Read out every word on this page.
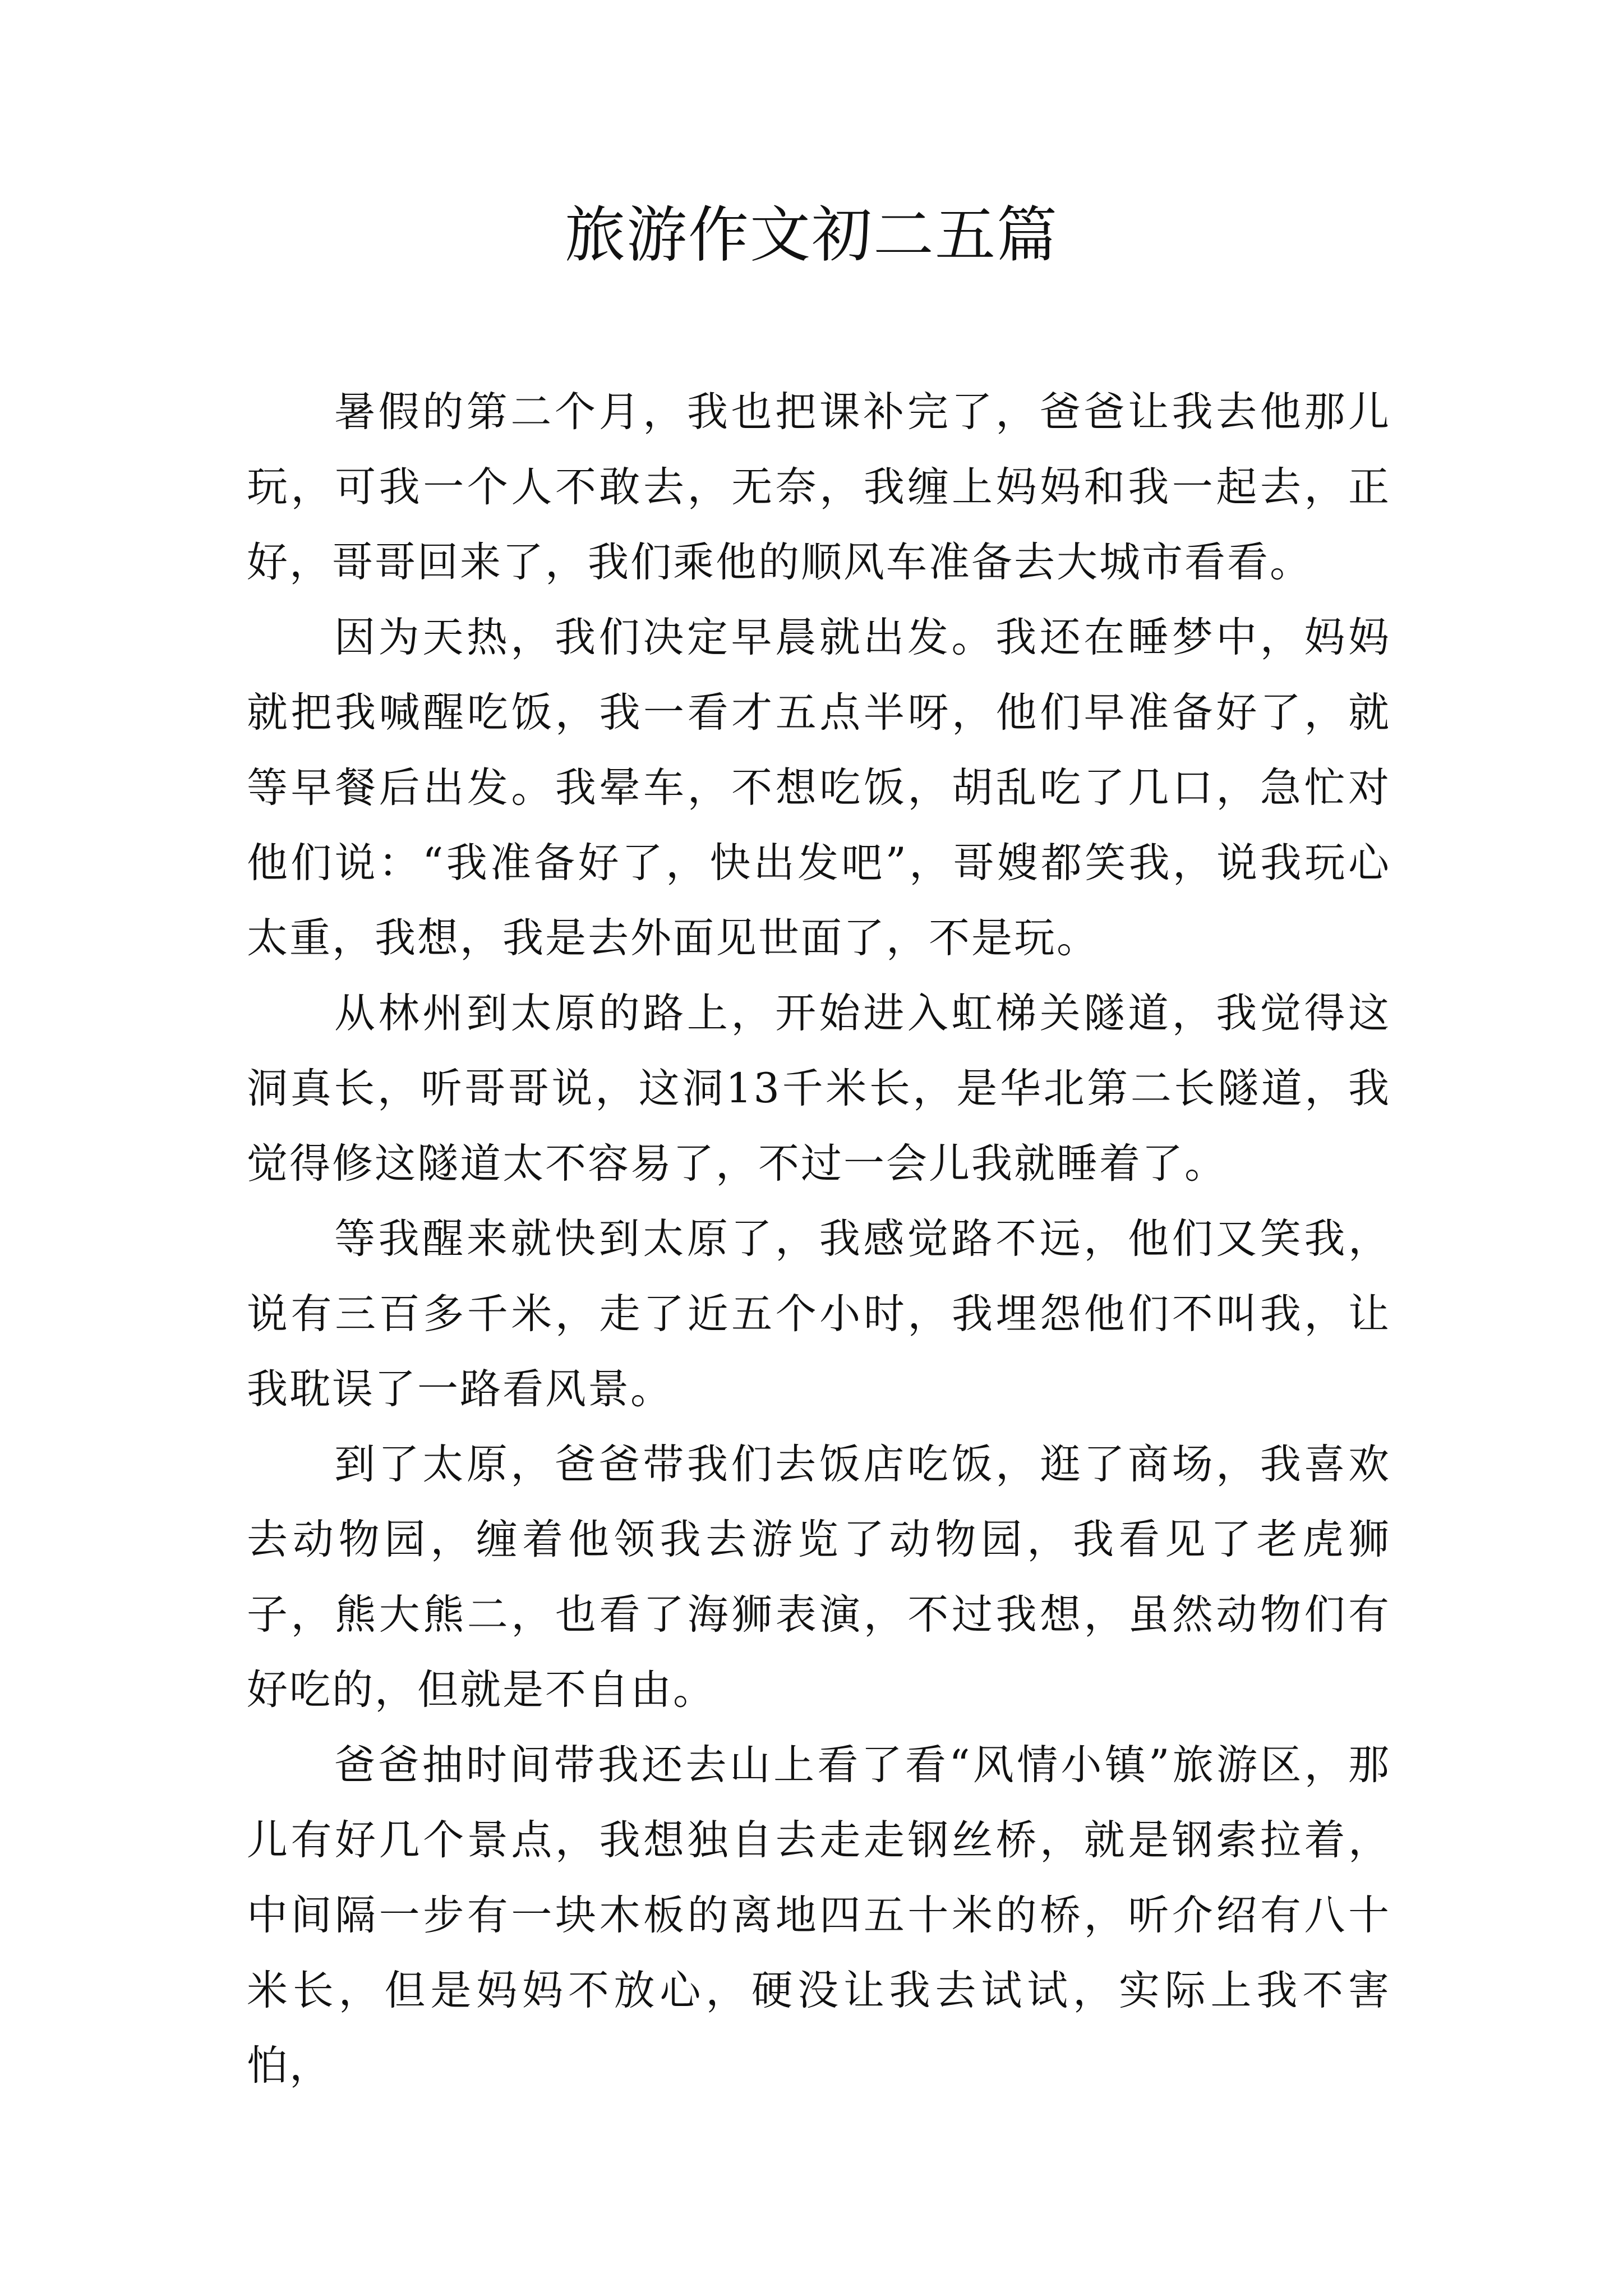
旅游作文初二五篇

暑假的第二个月，我也把课补完了，爸爸让我去他那儿玩，可我一个人不敢去，无奈，我缠上妈妈和我一起去，正好，哥哥回来了，我们乘他的顺风车准备去大城市看看。

因为天热，我们决定早晨就出发。我还在睡梦中，妈妈就把我喊醒吃饭，我一看才五点半呀，他们早准备好了，就等早餐后出发。我晕车，不想吃饭，胡乱吃了几口，急忙对他们说：“我准备好了，快出发吧”，哥嫂都笑我，说我玩心太重，我想，我是去外面见世面了，不是玩。

从林州到太原的路上，开始进入虹梯关隧道，我觉得这洞真长，听哥哥说，这洞13千米长，是华北第二长隧道，我觉得修这隧道太不容易了，不过一会儿我就睡着了。

等我醒来就快到太原了，我感觉路不远，他们又笑我，说有三百多千米，走了近五个小时，我埋怨他们不叫我，让我耽误了一路看风景。

到了太原，爸爸带我们去饭店吃饭，逛了商场，我喜欢去动物园，缠着他领我去游览了动物园，我看见了老虎狮子，熊大熊二，也看了海狮表演，不过我想，虽然动物们有好吃的，但就是不自由。

爸爸抽时间带我还去山上看了看“风情小镇”旅游区，那儿有好几个景点，我想独自去走走钢丝桥，就是钢索拉着，中间隔一步有一块木板的离地四五十米的桥，听介绍有八十米长，但是妈妈不放心，硬没让我去试试，实际上我不害怕，
